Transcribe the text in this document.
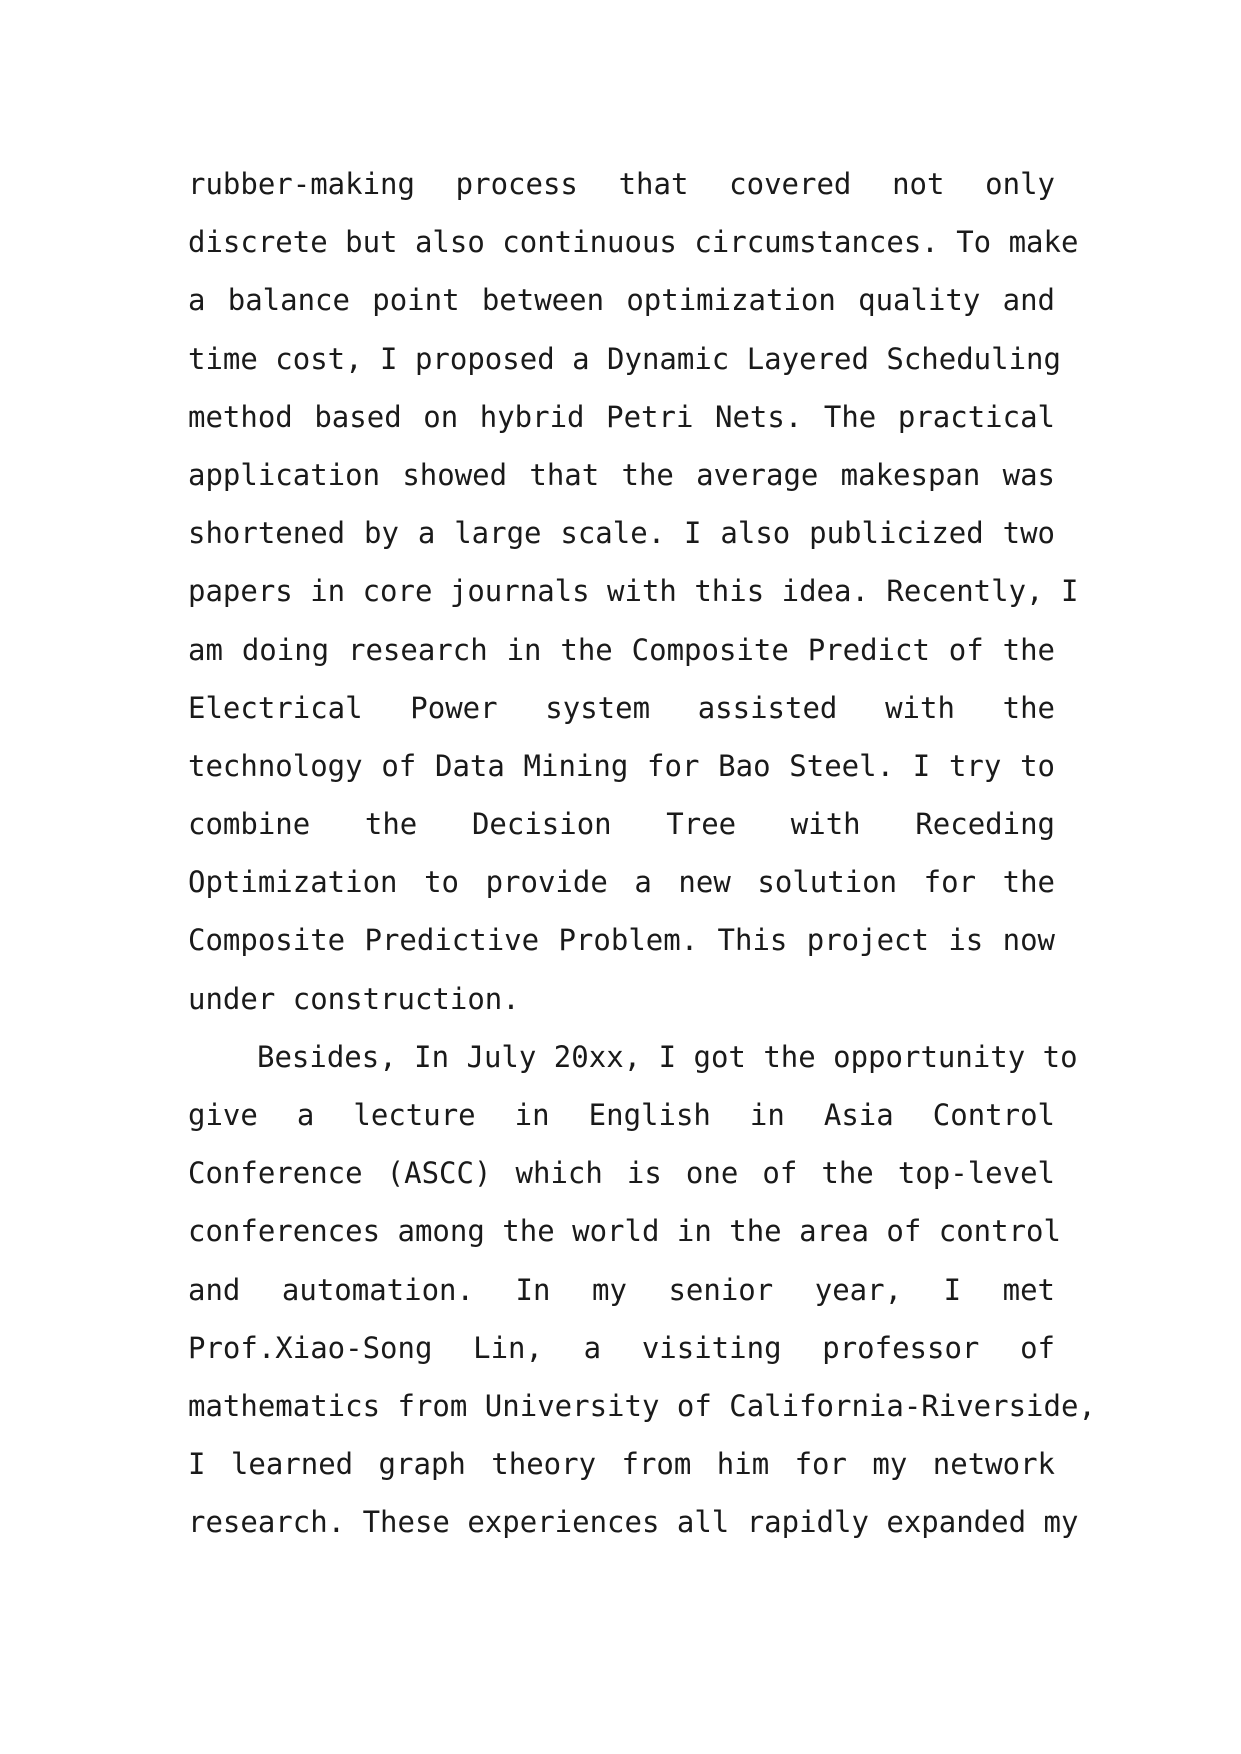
rubber-making process that covered not only
discrete but also continuous circumstances. To make
a balance point between optimization quality and
time cost, I proposed a Dynamic Layered Scheduling
method based on hybrid Petri Nets. The practical
application showed that the average makespan was
shortened by a large scale. I also publicized two
papers in core journals with this idea. Recently, I
am doing research in the Composite Predict of the
Electrical Power system assisted with the
technology of Data Mining for Bao Steel. I try to
combine the Decision Tree with Receding
Optimization to provide a new solution for the
Composite Predictive Problem. This project is now
under construction.
Besides, In July 20xx, I got the opportunity to
give a lecture in English in Asia Control
Conference (ASCC) which is one of the top-level
conferences among the world in the area of control
and automation. In my senior year, I met
Prof.Xiao-Song Lin, a visiting professor of
mathematics from University of California-Riverside,
I learned graph theory from him for my network
research. These experiences all rapidly expanded my
